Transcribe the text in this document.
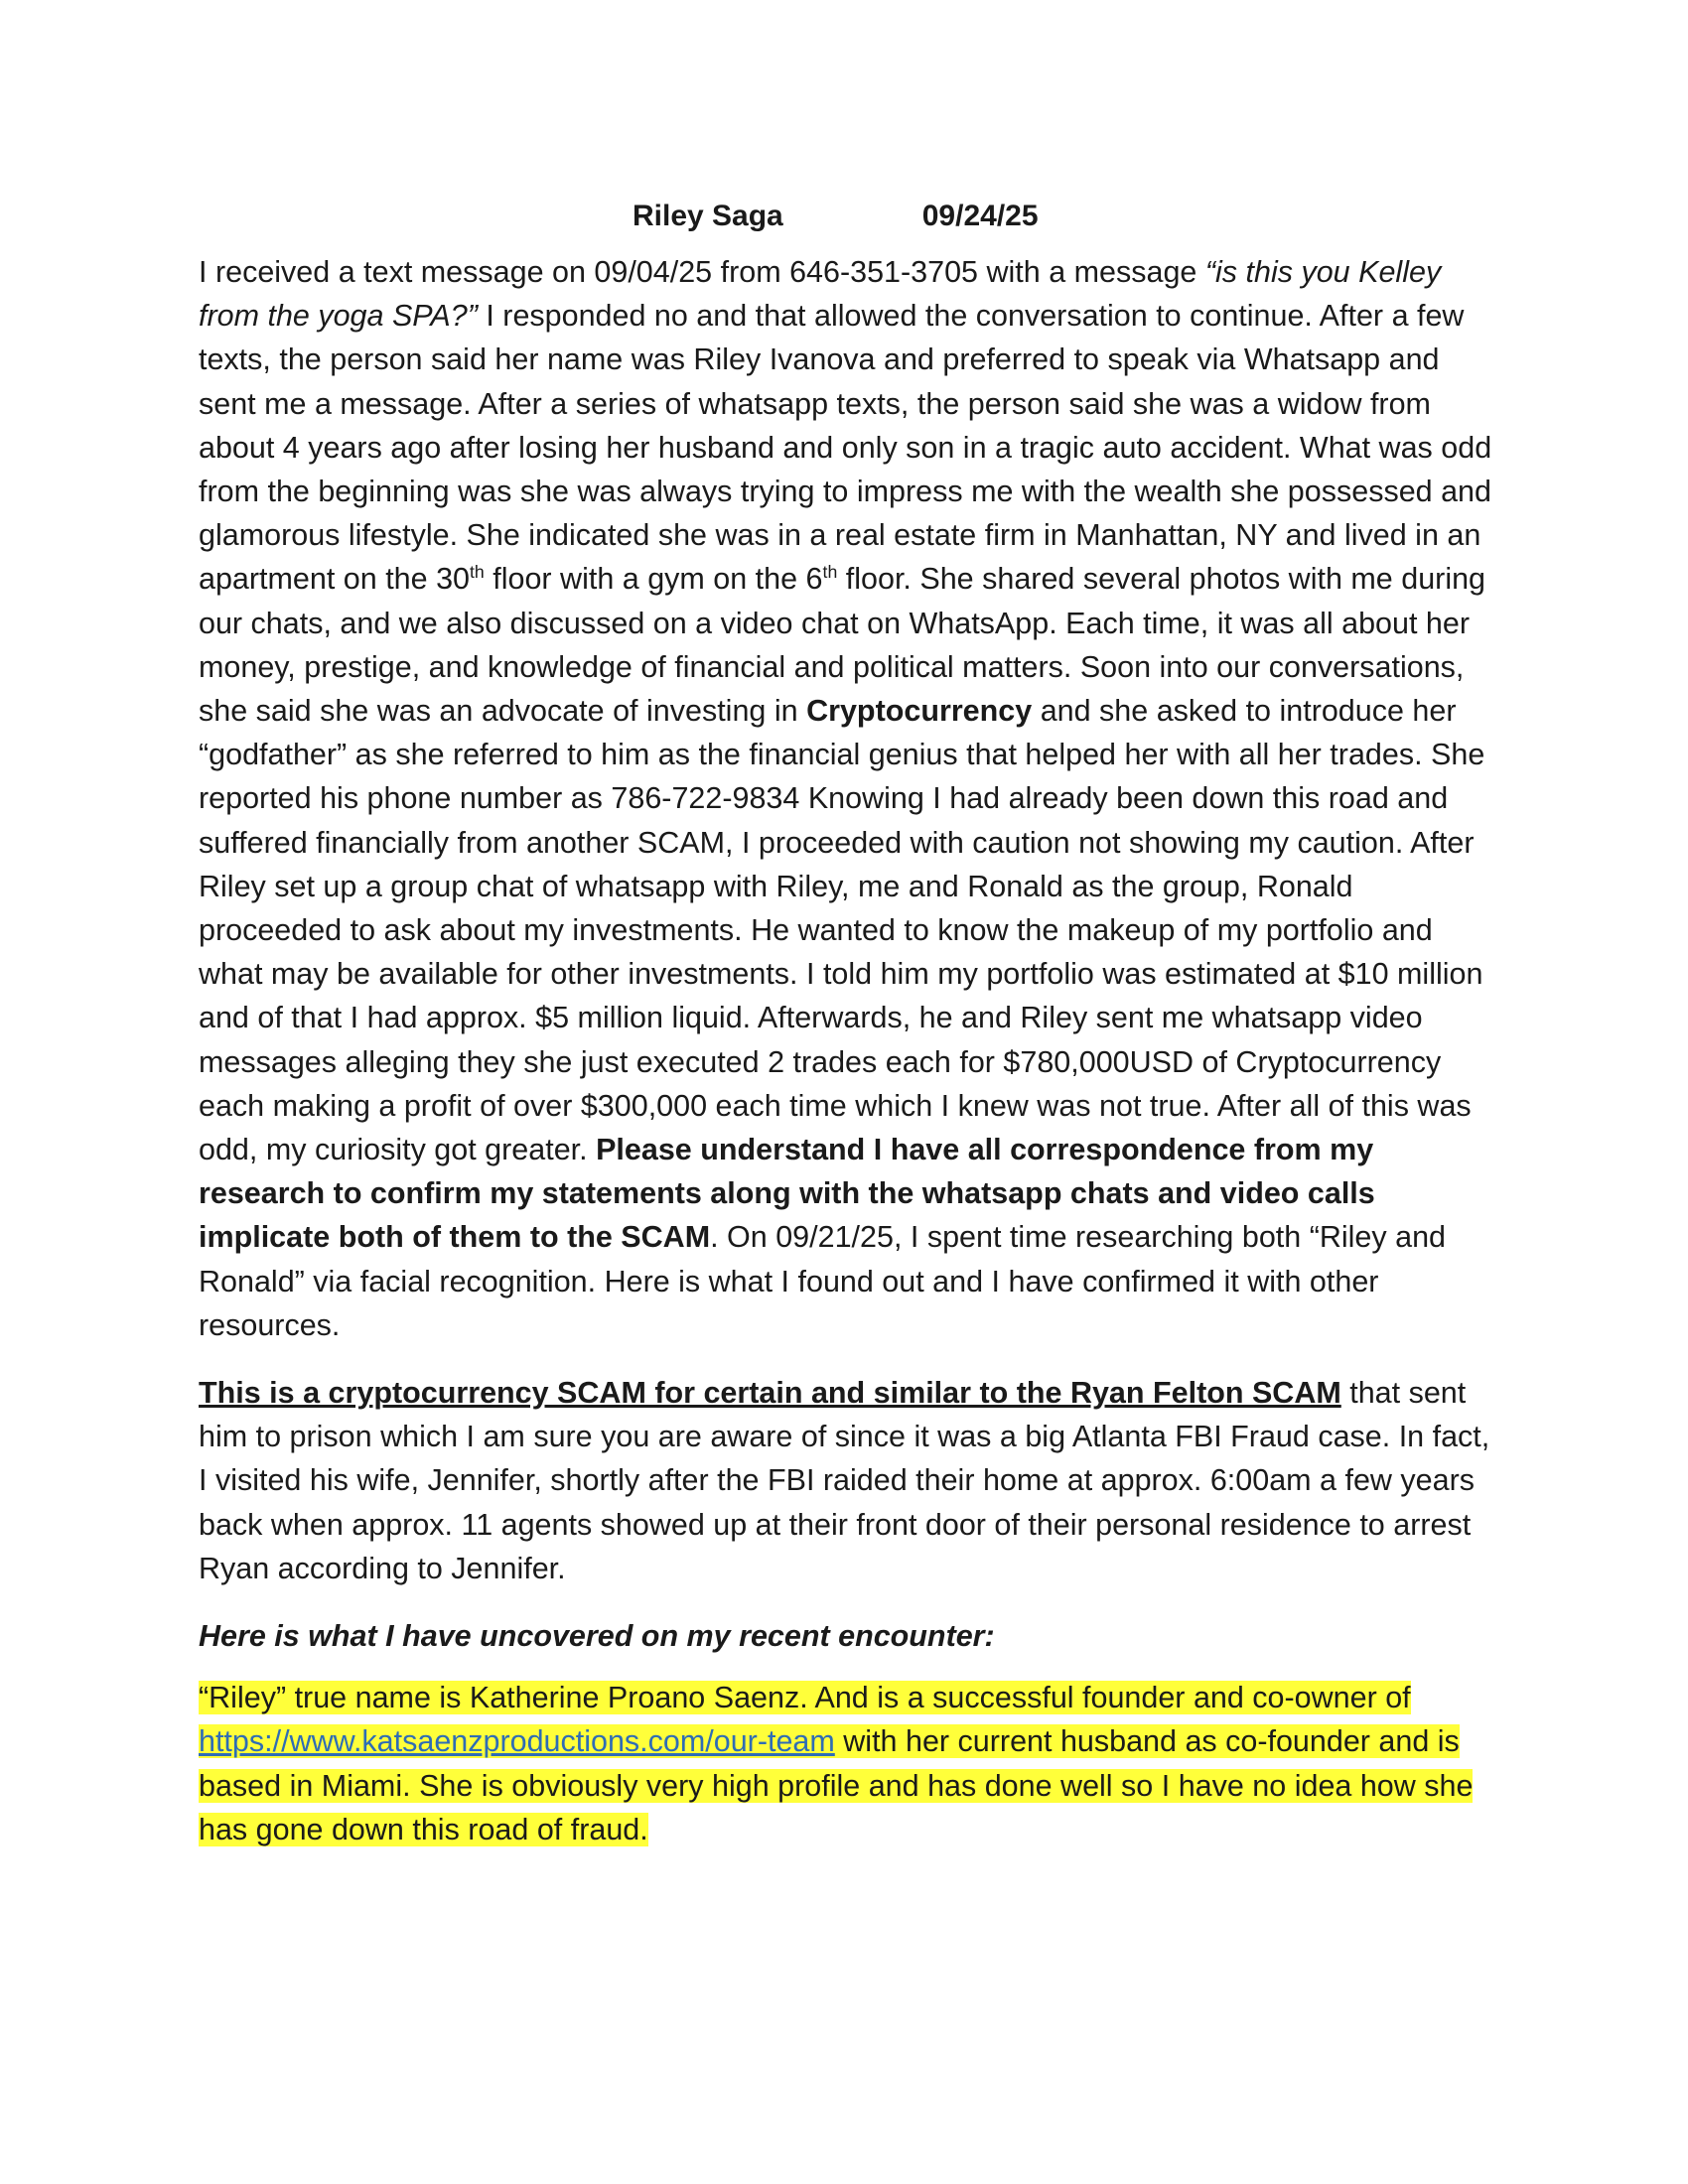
Riley Saga	09/24/25

I received a text message on 09/04/25 from 646-351-3705 with a message “is this you Kelley from the yoga SPA?” I responded no and that allowed the conversation to continue. After a few texts, the person said her name was Riley Ivanova and preferred to speak via Whatsapp and sent me a message. After a series of whatsapp texts, the person said she was a widow from about 4 years ago after losing her husband and only son in a tragic auto accident. What was odd from the beginning was she was always trying to impress me with the wealth she possessed and glamorous lifestyle. She indicated she was in a real estate firm in Manhattan, NY and lived in an apartment on the 30th floor with a gym on the 6th floor. She shared several photos with me during our chats, and we also discussed on a video chat on WhatsApp. Each time, it was all about her money, prestige, and knowledge of financial and political matters. Soon into our conversations, she said she was an advocate of investing in Cryptocurrency and she asked to introduce her “godfather” as she referred to him as the financial genius that helped her with all her trades. She reported his phone number as 786-722-9834 Knowing I had already been down this road and suffered financially from another SCAM, I proceeded with caution not showing my caution. After Riley set up a group chat of whatsapp with Riley, me and Ronald as the group, Ronald proceeded to ask about my investments. He wanted to know the makeup of my portfolio and what may be available for other investments. I told him my portfolio was estimated at $10 million and of that I had approx. $5 million liquid. Afterwards, he and Riley sent me whatsapp video messages alleging they she just executed 2 trades each for $780,000USD of Cryptocurrency each making a profit of over $300,000 each time which I knew was not true. After all of this was odd, my curiosity got greater. Please understand I have all correspondence from my research to confirm my statements along with the whatsapp chats and video calls implicate both of them to the SCAM. On 09/21/25, I spent time researching both “Riley and Ronald” via facial recognition. Here is what I found out and I have confirmed it with other resources.

This is a cryptocurrency SCAM for certain and similar to the Ryan Felton SCAM that sent him to prison which I am sure you are aware of since it was a big Atlanta FBI Fraud case. In fact, I visited his wife, Jennifer, shortly after the FBI raided their home at approx. 6:00am a few years back when approx. 11 agents showed up at their front door of their personal residence to arrest Ryan according to Jennifer.

Here is what I have uncovered on my recent encounter:

“Riley” true name is Katherine Proano Saenz. And is a successful founder and co-owner of https://www.katsaenzproductions.com/our-team with her current husband as co-founder and is based in Miami. She is obviously very high profile and has done well so I have no idea how she has gone down this road of fraud.
